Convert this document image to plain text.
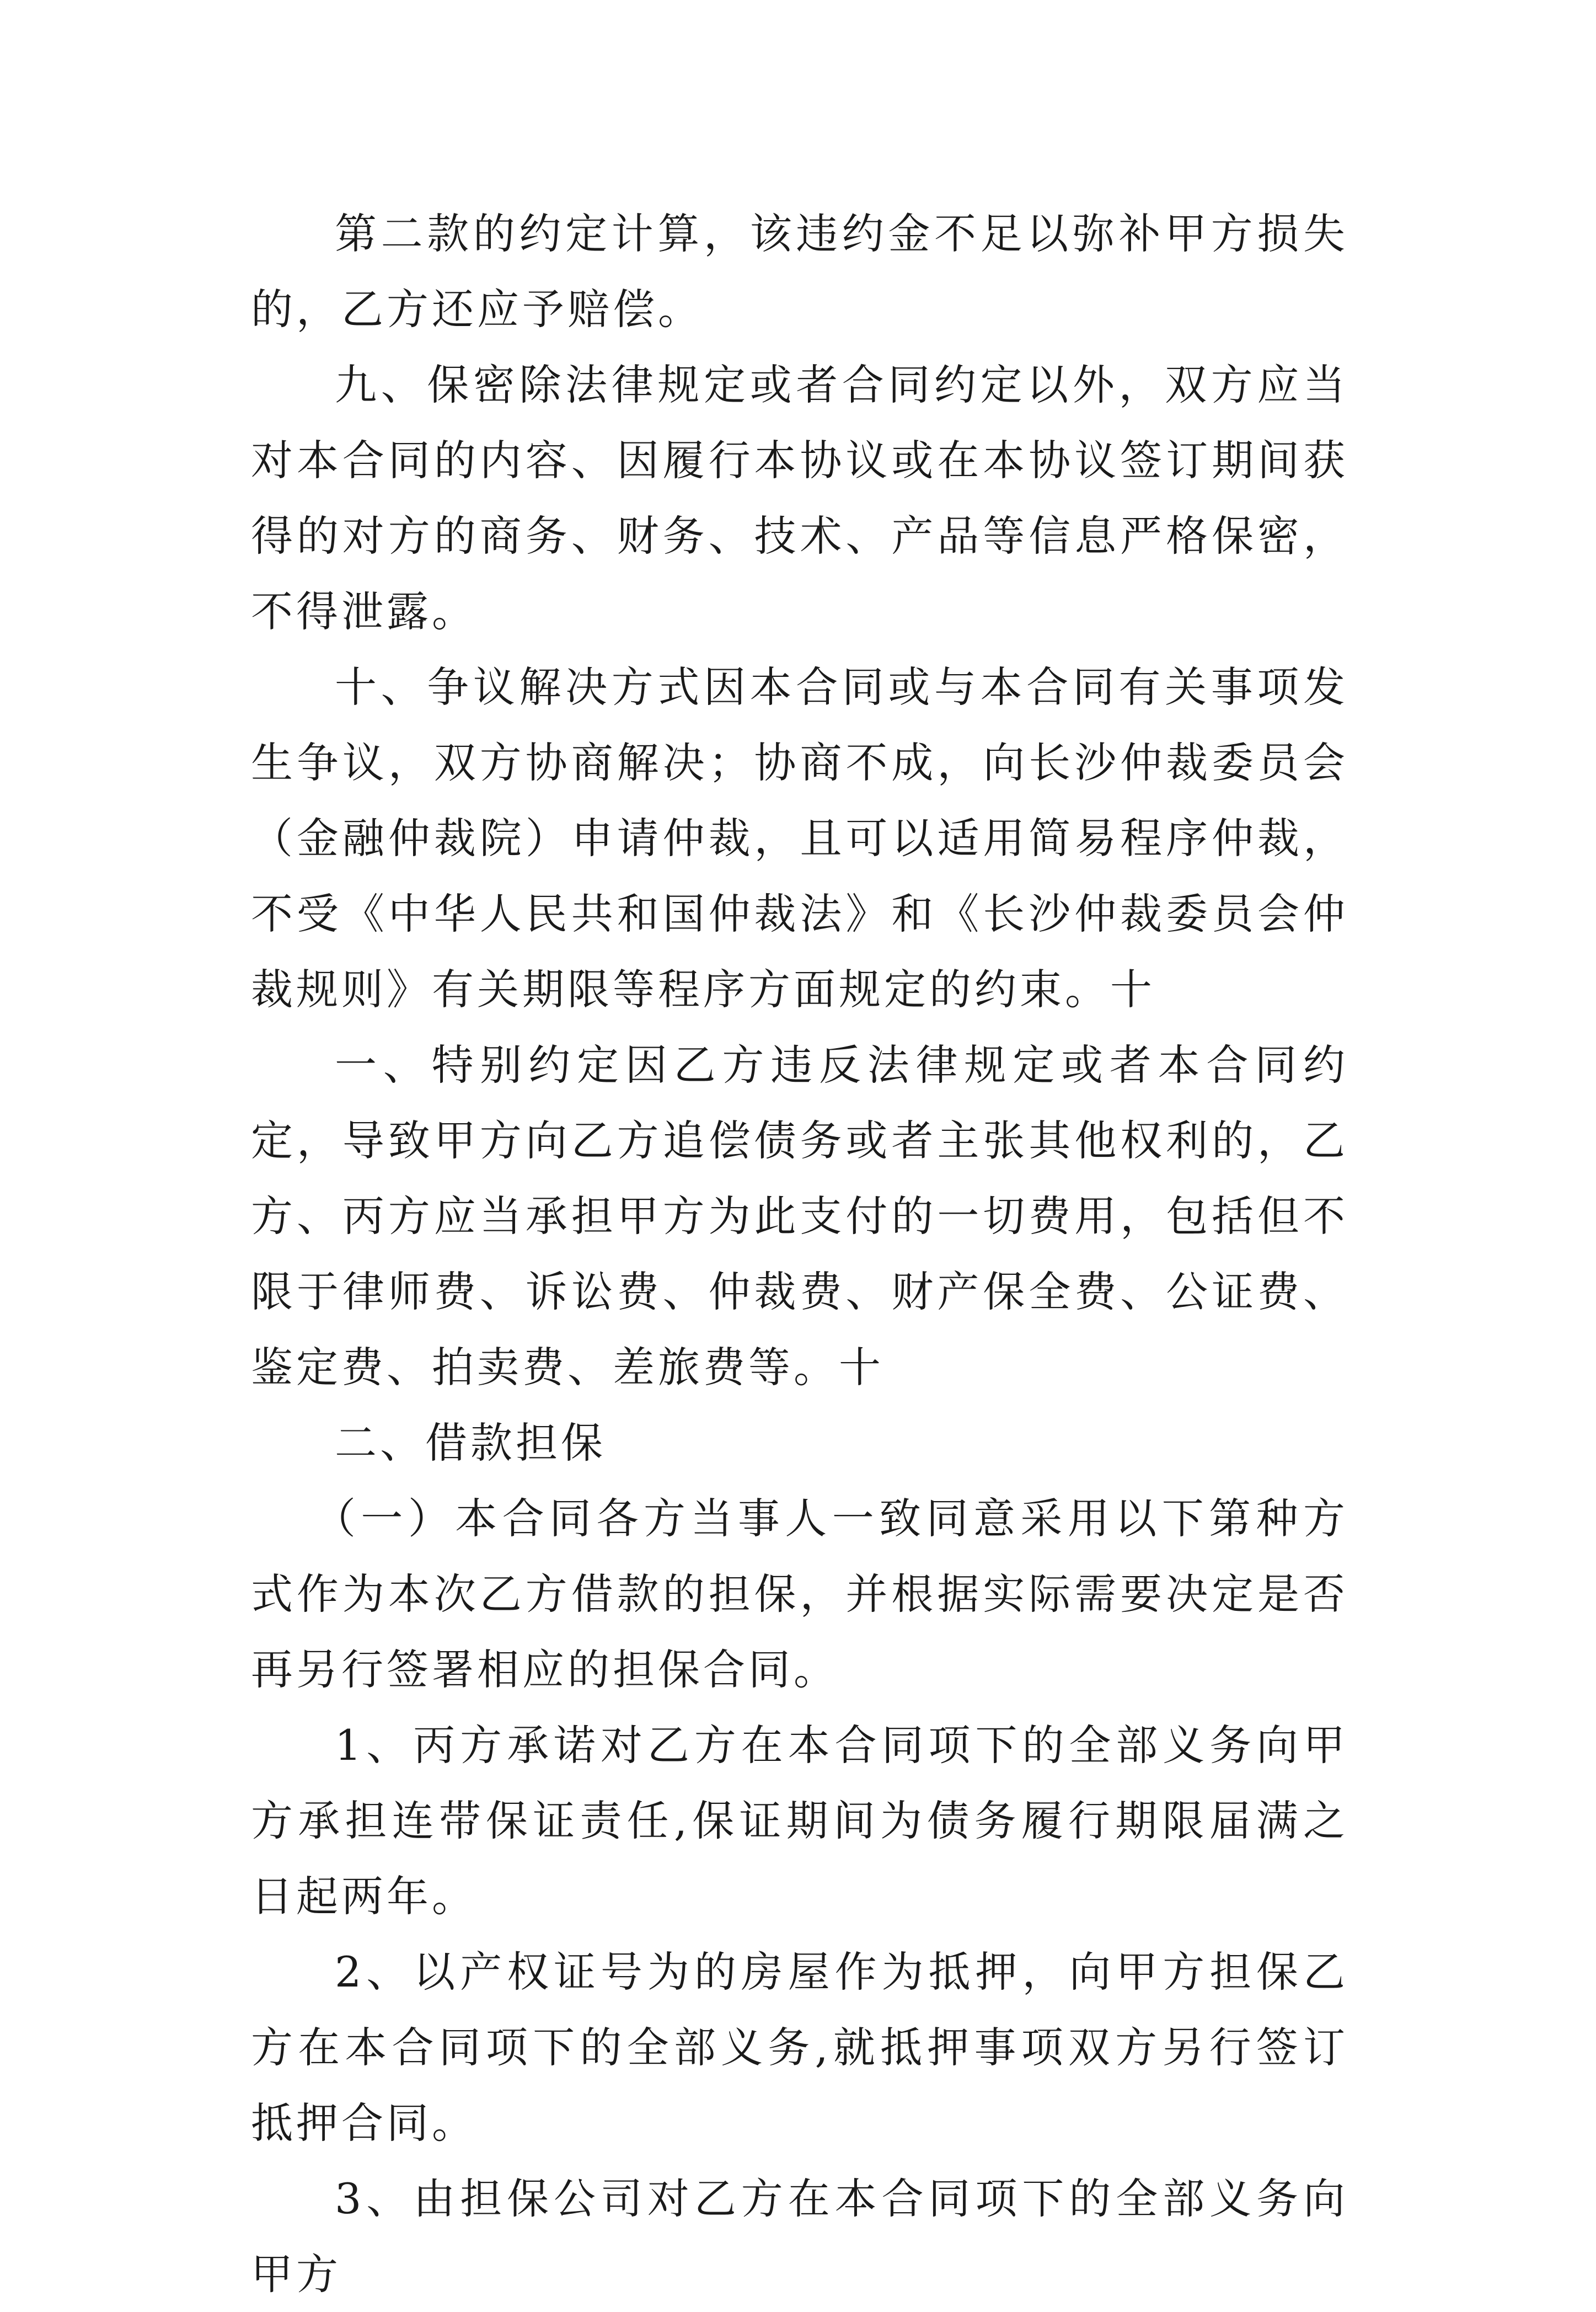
第二款的约定计算，该违约金不足以弥补甲方损失的，乙方还应予赔偿。

九、保密除法律规定或者合同约定以外，双方应当对本合同的内容、因履行本协议或在本协议签订期间获得的对方的商务、财务、技术、产品等信息严格保密，不得泄露。

十、争议解决方式因本合同或与本合同有关事项发生争议，双方协商解决；协商不成，向长沙仲裁委员会（金融仲裁院）申请仲裁，且可以适用简易程序仲裁，不受《中华人民共和国仲裁法》和《长沙仲裁委员会仲裁规则》有关期限等程序方面规定的约束。十

一、特别约定因乙方违反法律规定或者本合同约定，导致甲方向乙方追偿债务或者主张其他权利的，乙方、丙方应当承担甲方为此支付的一切费用，包括但不限于律师费、诉讼费、仲裁费、财产保全费、公证费、鉴定费、拍卖费、差旅费等。十

二、借款担保

（一）本合同各方当事人一致同意采用以下第种方式作为本次乙方借款的担保，并根据实际需要决定是否再另行签署相应的担保合同。

1、丙方承诺对乙方在本合同项下的全部义务向甲方承担连带保证责任,保证期间为债务履行期限届满之日起两年。

2、以产权证号为的房屋作为抵押，向甲方担保乙方在本合同项下的全部义务,就抵押事项双方另行签订抵押合同。

3、由担保公司对乙方在本合同项下的全部义务向甲方
